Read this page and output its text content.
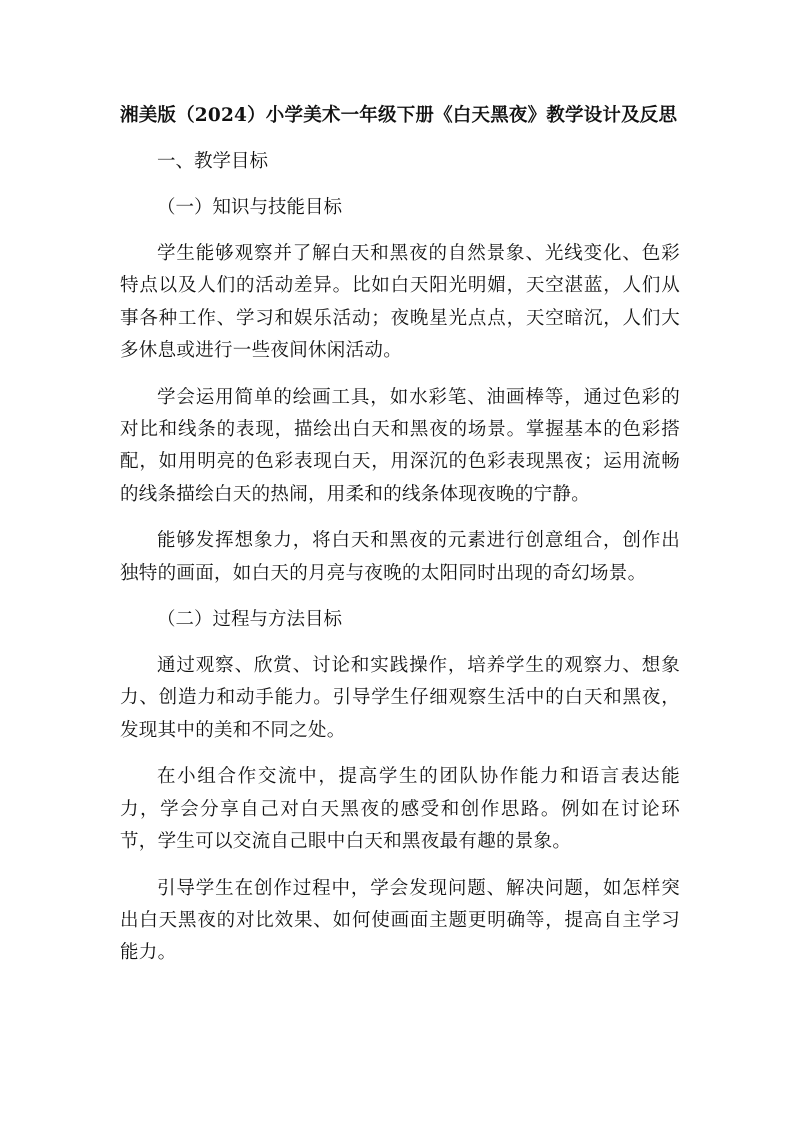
湘美版（2024）小学美术一年级下册《白天黑夜》教学设计及反思
一、教学目标
（一）知识与技能目标

学生能够观察并了解白天和黑夜的自然景象、光线变化、色彩特点以及人们的活动差异。比如白天阳光明媚，天空湛蓝，人们从事各种工作、学习和娱乐活动；夜晚星光点点，天空暗沉，人们大多休息或进行一些夜间休闲活动。

学会运用简单的绘画工具，如水彩笔、油画棒等，通过色彩的对比和线条的表现，描绘出白天和黑夜的场景。掌握基本的色彩搭配，如用明亮的色彩表现白天，用深沉的色彩表现黑夜；运用流畅的线条描绘白天的热闹，用柔和的线条体现夜晚的宁静。

能够发挥想象力，将白天和黑夜的元素进行创意组合，创作出独特的画面，如白天的月亮与夜晚的太阳同时出现的奇幻场景。

（二）过程与方法目标

通过观察、欣赏、讨论和实践操作，培养学生的观察力、想象力、创造力和动手能力。引导学生仔细观察生活中的白天和黑夜，发现其中的美和不同之处。

在小组合作交流中，提高学生的团队协作能力和语言表达能力，学会分享自己对白天黑夜的感受和创作思路。例如在讨论环节，学生可以交流自己眼中白天和黑夜最有趣的景象。

引导学生在创作过程中，学会发现问题、解决问题，如怎样突出白天黑夜的对比效果、如何使画面主题更明确等，提高自主学习能力。
